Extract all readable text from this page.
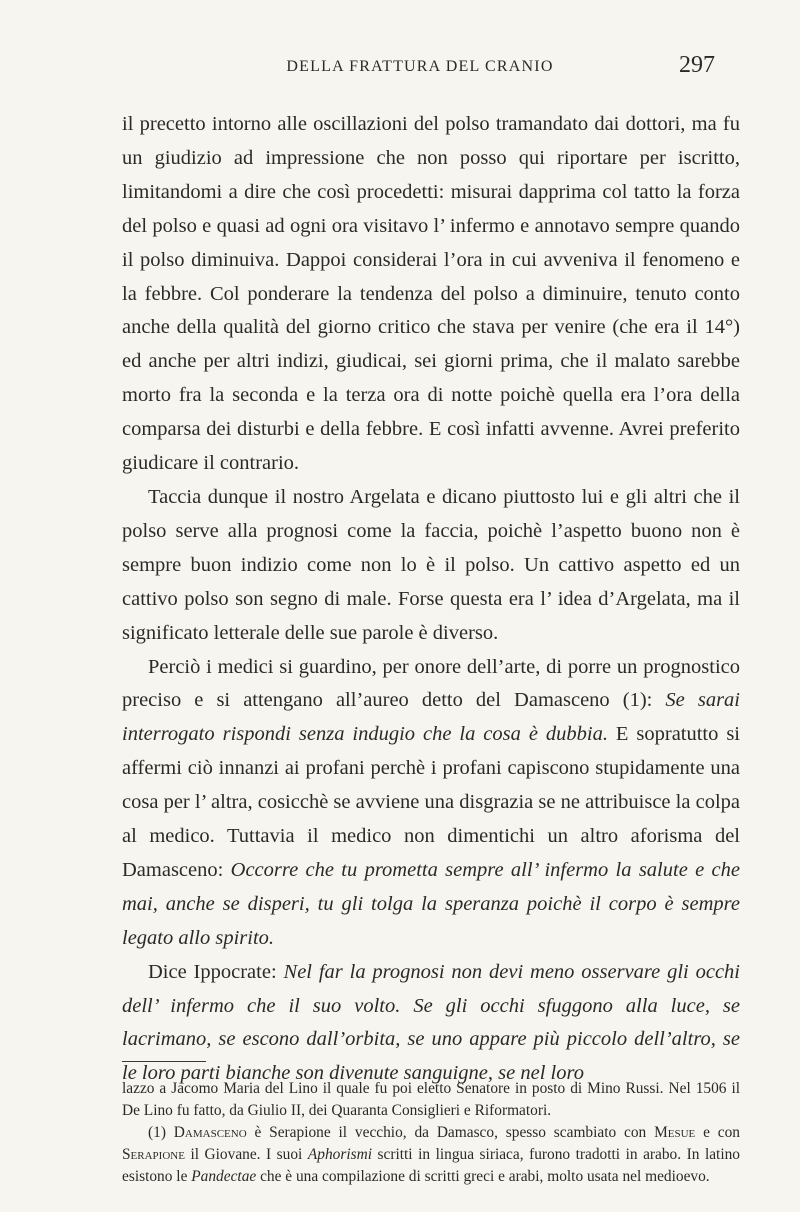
DELLA FRATTURA DEL CRANIO	297

il precetto intorno alle oscillazioni del polso tramandato dai dottori, ma fu un giudizio ad impressione che non posso qui riportare per iscritto, limitandomi a dire che così procedetti: misurai dapprima col tatto la forza del polso e quasi ad ogni ora visitavo l’ infermo e annotavo sempre quando il polso diminuiva. Dappoi considerai l’ora in cui avveniva il fenomeno e la febbre. Col ponderare la tendenza del polso a diminuire, tenuto conto anche della qualità del giorno critico che stava per venire (che era il 14°) ed anche per altri indizi, giudicai, sei giorni prima, che il malato sarebbe morto fra la seconda e la terza ora di notte poichè quella era l’ora della comparsa dei disturbi e della febbre. E così infatti avvenne. Avrei preferito giudicare il contrario.

Taccia dunque il nostro Argelata e dicano piuttosto lui e gli altri che il polso serve alla prognosi come la faccia, poichè l’aspetto buono non è sempre buon indizio come non lo è il polso. Un cattivo aspetto ed un cattivo polso son segno di male. Forse questa era l’ idea d’Argelata, ma il significato letterale delle sue parole è diverso.

Perciò i medici si guardino, per onore dell’arte, di porre un prognostico preciso e si attengano all’aureo detto del Damasceno (1): Se sarai interrogato rispondi senza indugio che la cosa è dubbia. E sopratutto si affermi ciò innanzi ai profani perchè i profani capiscono stupidamente una cosa per l’ altra, cosicchè se avviene una disgrazia se ne attribuisce la colpa al medico. Tuttavia il medico non dimentichi un altro aforisma del Damasceno: Occorre che tu prometta sempre all’ infermo la salute e che mai, anche se disperi, tu gli tolga la speranza poichè il corpo è sempre legato allo spirito.

Dice Ippocrate: Nel far la prognosi non devi meno osservare gli occhi dell’ infermo che il suo volto. Se gli occhi sfuggono alla luce, se lacrimano, se escono dall’orbita, se uno appare più piccolo dell’altro, se le loro parti bianche son divenute sanguigne, se nel loro

lazzo a Jacomo Maria del Lino il quale fu poi eletto Senatore in posto di Mino Russi. Nel 1506 il De Lino fu fatto, da Giulio II, dei Quaranta Consiglieri e Riformatori.

(1) Damasceno è Serapione il vecchio, da Damasco, spesso scambiato con Mesue e con Serapione il Giovane. I suoi Aphorismi scritti in lingua siriaca, furono tradotti in arabo. In latino esistono le Pandectae che è una compilazione di scritti greci e arabi, molto usata nel medioevo.
